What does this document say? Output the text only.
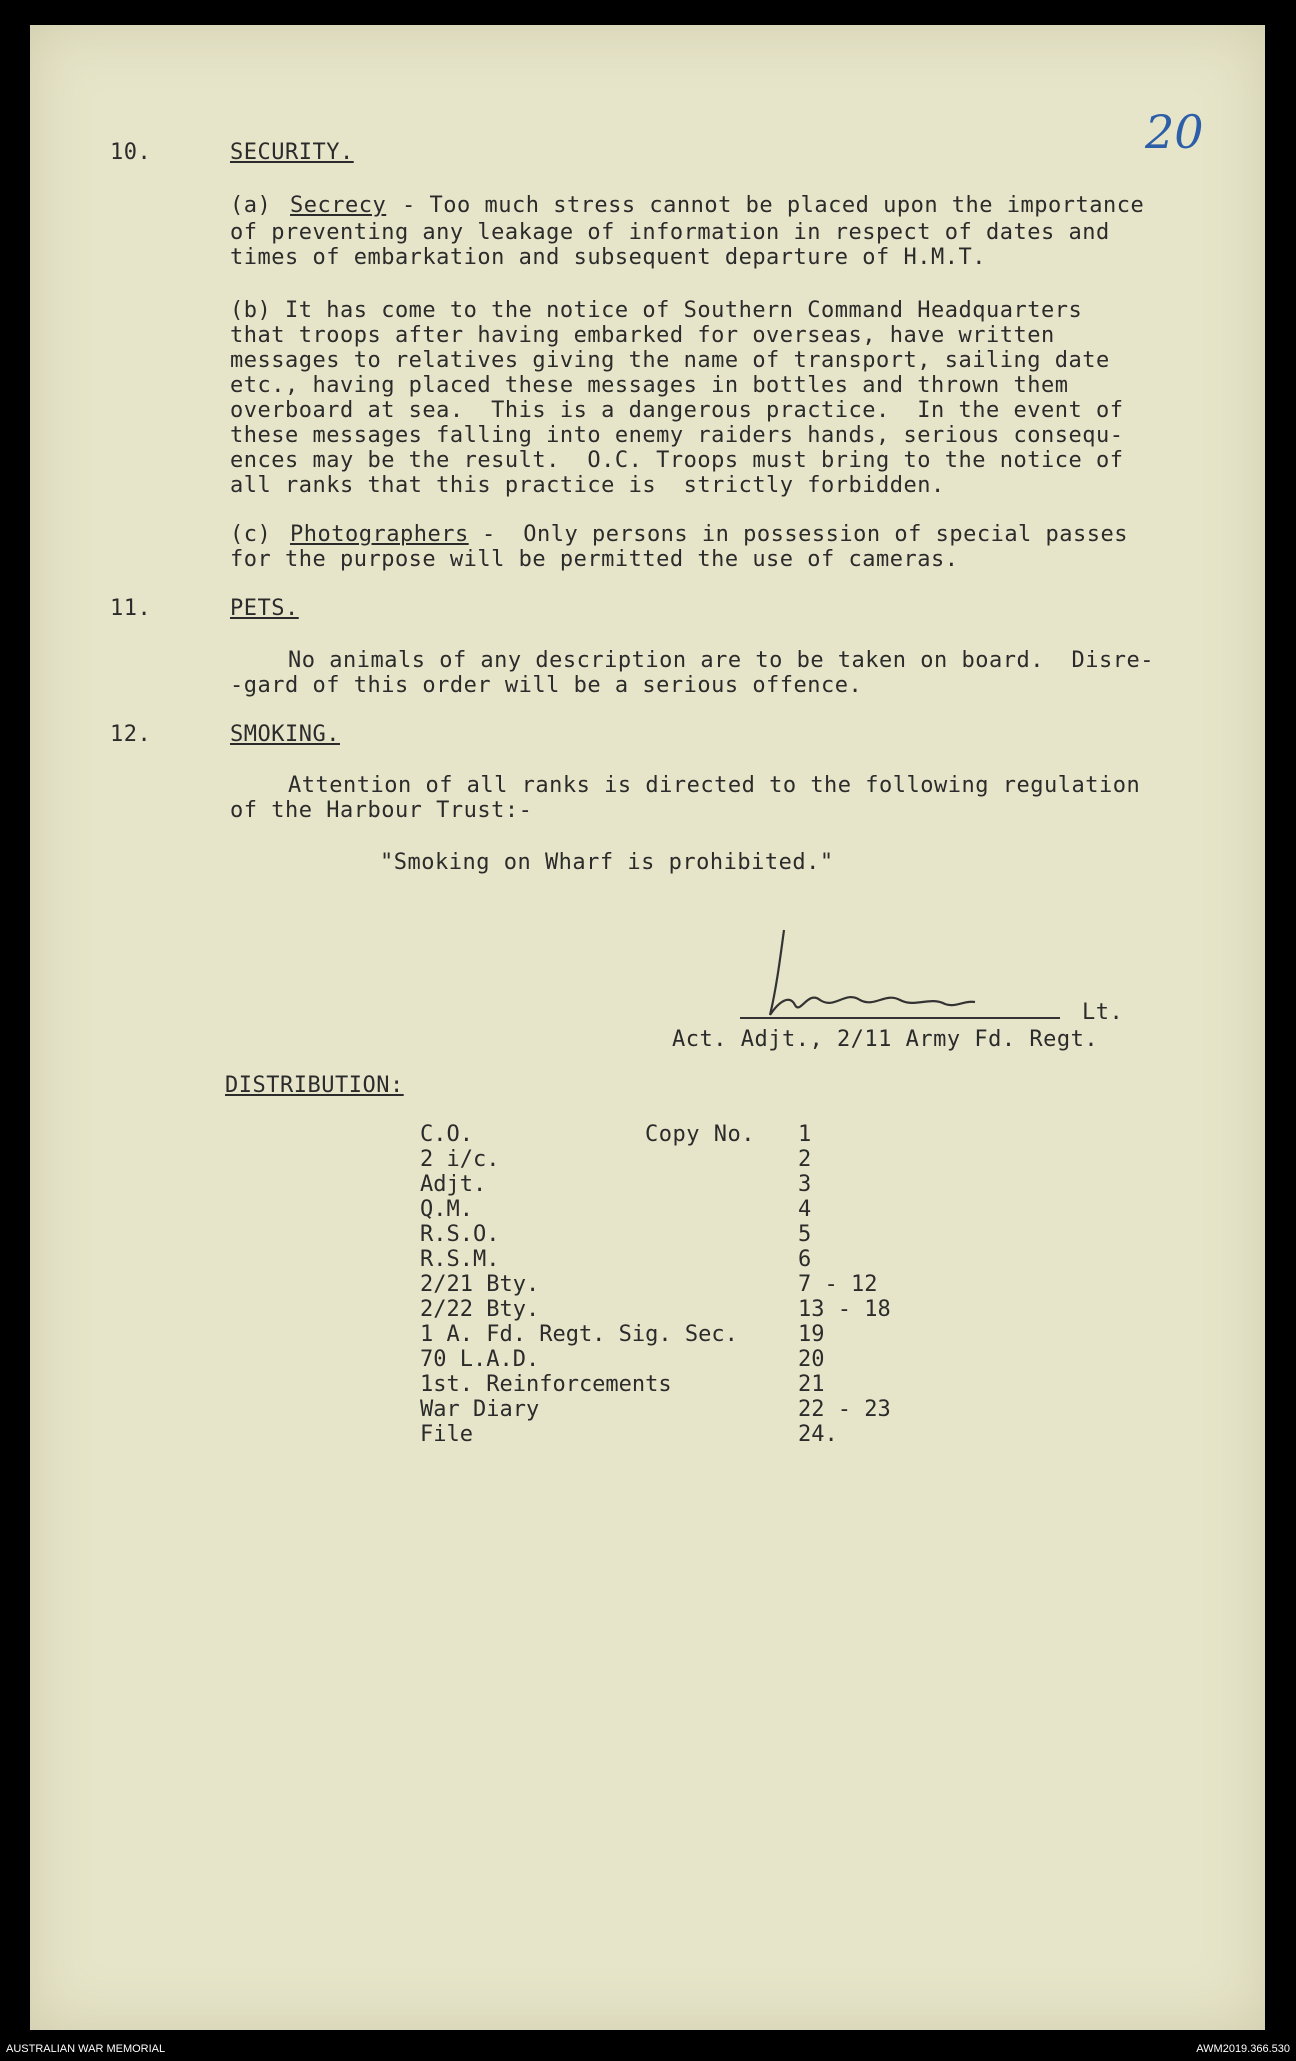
20
10.	SECURITY.
(a) Secrecy - Too much stress cannot be placed upon the importance
of preventing any leakage of information in respect of dates and
times of embarkation and subsequent departure of H.M.T.
(b) It has come to the notice of Southern Command Headquarters
that troops after having embarked for overseas, have written
messages to relatives giving the name of transport, sailing date
etc., having placed these messages in bottles and thrown them
overboard at sea.  This is a dangerous practice.  In the event of
these messages falling into enemy raiders hands, serious consequ-
ences may be the result.  O.C. Troops must bring to the notice of
all ranks that this practice is  strictly forbidden.
(c) Photographers -  Only persons in possession of special passes
for the purpose will be permitted the use of cameras.
11.	PETS.
No animals of any description are to be taken on board.  Disre-
-gard of this order will be a serious offence.
12.	SMOKING.
Attention of all ranks is directed to the following regulation
of the Harbour Trust:-
"Smoking on Wharf is prohibited."
Lt.
Act. Adjt., 2/11 Army Fd. Regt.
DISTRIBUTION:
Copy No.
C.O.	1
2 i/c.	2
Adjt.	3
Q.M.	4
R.S.O.	5
R.S.M.	6
2/21 Bty.	7 - 12
2/22 Bty.	13 - 18
1 A. Fd. Regt. Sig. Sec.	19
70 L.A.D.	20
1st. Reinforcements	21
War Diary	22 - 23
File	24.
AUSTRALIAN WAR MEMORIAL	AWM2019.366.530
